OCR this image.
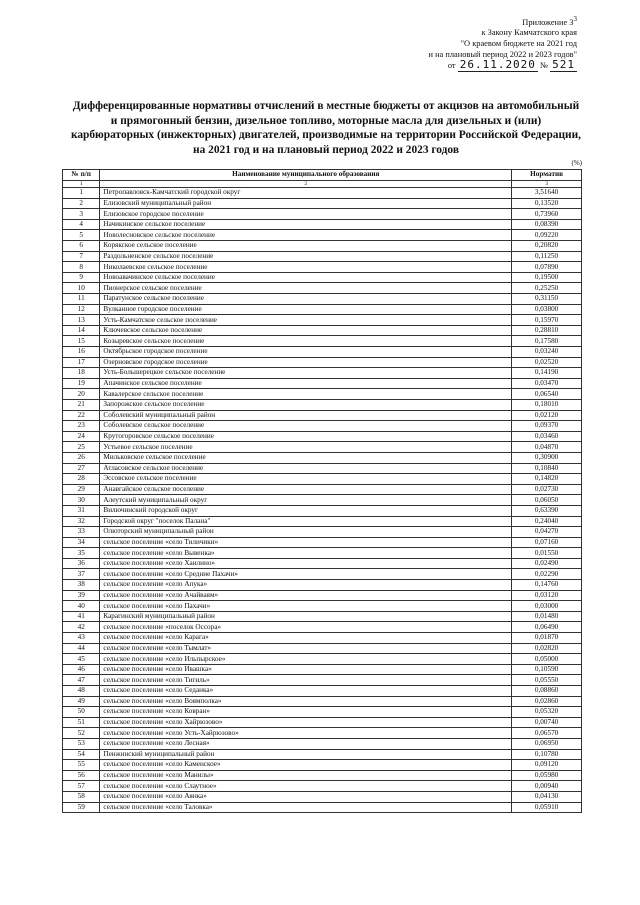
Приложение $3^3$
к Закону Камчатского края
"О краевом бюджете на 2021 год
и на плановый период 2022 и 2023 годов"
от 26.11.2020 № 521
Дифференцированные нормативы отчислений в местные бюджеты от акцизов на автомобильный
и прямогонный бензин, дизельное топливо, моторные масла для дизельных и (или)
карбюраторных (инжекторных) двигателей, производимые на территории Российской Федерации,
на 2021 год и на плановый период 2022 и 2023 годов
(%)
№ п/п	Наименование муниципального образования	Норматив
1	2	3
1	Петропавловск-Камчатский городской округ	3,51640
2	Елизовский муниципальный район	0,13520
3	Елизовское городское поселение	0,73960
4	Начикинское сельское поселение	0,08390
5	Новолесновское сельское поселение	0,09220
6	Корякское сельское поселение	0,20820
7	Раздольненское сельское поселение	0,11250
8	Николаевское сельское поселение	0,07890
9	Новоавачинское сельское поселение	0,19500
10	Пионерское сельское поселение	0,25250
11	Паратунское сельское поселение	0,31150
12	Вулканное городское поселение	0,03800
13	Усть-Камчатское сельское поселение	0,15970
14	Ключевское сельское поселение	0,28810
15	Козыревское сельское поселение	0,17580
16	Октябрьское городское поселение	0,03240
17	Озерновское городское поселение	0,02520
18	Усть-Большерецкое сельское поселение	0,14190
19	Апачинское сельское поселение	0,03470
20	Кавалерское сельское поселение	0,06540
21	Запорожское сельское поселение	0,18010
22	Соболевский муниципальный район	0,02120
23	Соболевское сельское поселение	0,09370
24	Крутогоровское сельское поселение	0,03460
25	Устьевое сельское поселение	0,04870
26	Мильковское сельское поселение	0,30900
27	Атласовское сельское поселение	0,10840
28	Эссовское сельское поселение	0,14820
29	Анавгайское сельское поселение	0,02730
30	Алеутский муниципальный округ	0,06050
31	Вилючинский городской округ	0,63390
32	Городской округ "поселок Палана"	0,24040
33	Олюторский муниципальный район	0,04270
34	сельское поселение «село Тиличики»	0,07160
35	сельское поселение «село Вывенка»	0,01550
36	сельское поселение «село Хаилино»	0,02490
37	сельское поселение «село Средние Пахачи»	0,02290
38	сельское поселение «село Апука»	0,14760
39	сельское поселение «село Ачайваям»	0,03120
40	сельское поселение «село Пахачи»	0,03000
41	Карагинский муниципальный район	0,01480
42	сельское поселение «поселок Оссора»	0,06490
43	сельское поселение «село Карага»	0,01870
44	сельское поселение «село Тымлат»	0,02820
45	сельское поселение «село Ильпырское»	0,05000
46	сельское поселение «село Ивашка»	0,10590
47	сельское поселение «село Тигиль»	0,05550
48	сельское поселение «село Седанка»	0,08860
49	сельское поселение «село Воямполка»	0,02860
50	сельское поселение «село Ковран»	0,05320
51	сельское поселение «село Хайрюзово»	0,00740
52	сельское поселение «село Усть-Хайрюзово»	0,06570
53	сельское поселение «село Лесная»	0,06950
54	Пенжинский муниципальный район	0,10780
55	сельское поселение «село Каменское»	0,09120
56	сельское поселение «село Манилы»	0,05980
57	сельское поселение «село Слаутное»	0,00940
58	сельское поселение «село Аянка»	0,04130
59	сельское поселение «село Таловка»	0,05910
